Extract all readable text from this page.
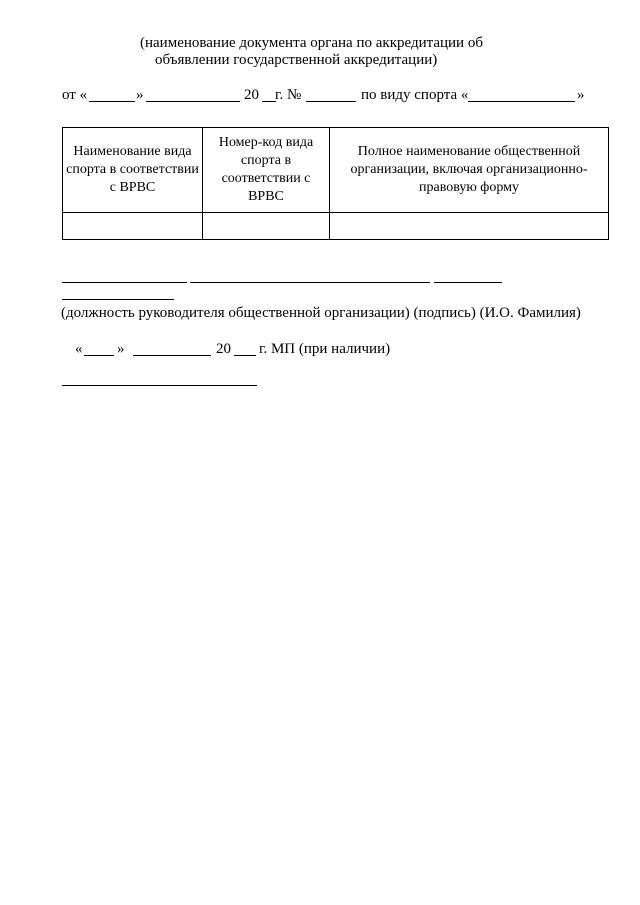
(наименование документа органа по аккредитации об
объявлении государственной аккредитации)
от «	»	20 г. №	по виду спорта «	»
Наименование вида спорта в соответствии с ВРВС	Номер-код вида спорта в соответствии с ВРВС	Полное наименование общественной организации, включая организационно-правовую форму

(должность руководителя общественной организации) (подпись) (И.О. Фамилия)
« »	20 г. МП (при наличии)
